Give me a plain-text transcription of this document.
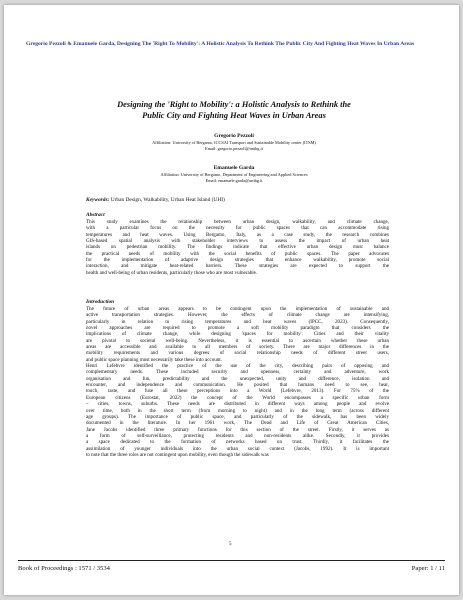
Gregorio Pezzoli & Emanuele Garda, Designing The 'Right To Mobility': A Holistic Analysis To Rethink The Public City And Fighting Heat Waves In Urban Areas
Designing the 'Right to Mobility': a Holistic Analysis to Rethink the
Public City and Fighting Heat Waves in Urban Areas
Gregorio Pezzoli
Affiliation: University of Bergamo, ICCSAI Transport and Sustainable Mobility center (ITSM)
Email: gregorio.pezzoli@unibg.it
Emanuele Garda
Affiliation: University of Bergamo, Department of Engineering and Applied Sciences
Email: emanuele.garda@unibg.it
Keywords: Urban Design, Walkability, Urban Heat Island (UHI)
Abstract
This study examines the relationship between urban design, walkability, and climate change,
with a particular focus on the necessity for public spaces that can accommodate rising
temperatures and heat waves. Using Bergamo, Italy, as a case study, the research combines
GIS-based spatial analysis with stakeholder interviews to assess the impact of urban heat
islands on pedestrian mobility. The findings indicate that effective urban design must balance
the practical needs of mobility with the social benefits of public spaces. The paper advocates
for the implementation of adaptive design strategies that enhance walkability, promote social
interaction, and mitigate heat-related barriers. These strategies are expected to support the
health and well-being of urban residents, particularly those who are most vulnerable.
Introduction
The future of urban areas appears to be contingent upon the implementation of sustainable and
active transportation strategies. However, the effects of climate change are intensifying,
particularly in relation to rising temperatures and heat waves (IPCC, 2023). Consequently,
novel approaches are required to promote a soft mobility paradigm that considers the
implications of climate change, while designing 'spaces for mobility'. Cities and their vitality
are pivotal to societal well-being. Nevertheless, it is essential to ascertain whether these urban
areas are accessible and available to all members of society. There are major differences in the
mobility requirements and various degrees of social relationship needs of different street users,
and public space planning must necessarily take these into account.
Henri Lefebvre identified the practice of the use of the city, describing pairs of opposing and
complementary needs. These included security and openness, certainty and adventure, work
organisation and fun, predictability and the unexpected, unity and difference, isolation and
encounter, and independence and communication. He posited that humans need to see, hear,
touch, taste, and fuse all these perceptions into a World (Lefebvre, 2013). For 75% of the
European citizens (Eurostat, 2022) the concept of the World encompasses a specific urban form
– cities, towns, suburbs. These needs are distributed in different ways among people and evolve
over time, both in the short term (from morning to night) and in the long term (across different
age groups). The importance of public space, and particularly of the sidewalk, has been widely
documented in the literature. In her 1961 work, The Dead and Life of Great American Cities,
Jane Jacobs identified three primary functions for this section of the street. Firstly, it serves as
a form of self-surveillance, protecting residents and non-residents alike. Secondly, it provides
a space dedicated to the formation of networks based on trust. Thirdly, it facilitates the
assimilation of younger individuals into the urban social context (Jacobs, 1992). It is important
to note that the three roles are not contingent upon mobility, even though the sidewalk was
5
Book of Proceedings : 1571 / 3534	Paper: 1 / 11
